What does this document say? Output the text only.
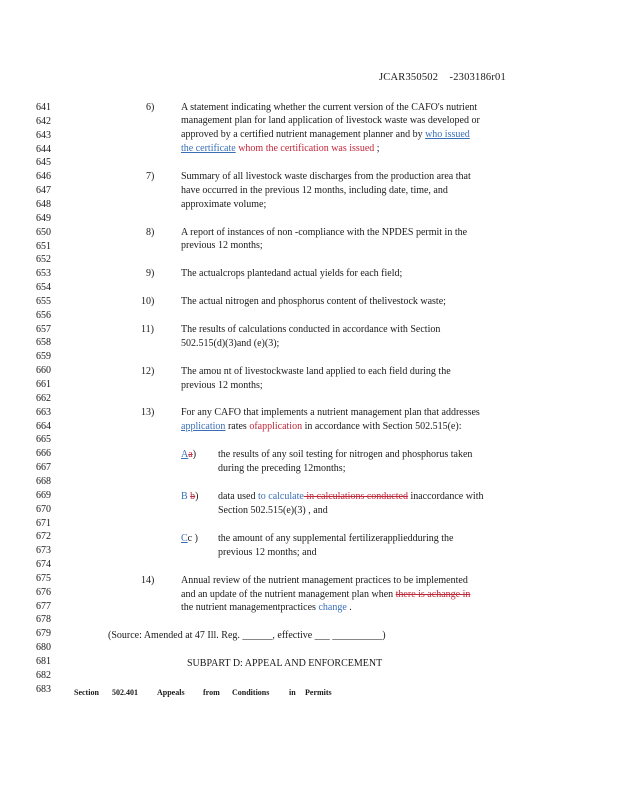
JCAR350502 -2303186r01
641
642
643
644
645
646
647
648
649
650
651
652
653
654
655
656
657
658
659
660
661
662
663
664
665
666
667
668
669
670
671
672
673
674
675
676
677
678
679
680
681
682
683
6)	A statement indicating whether the current version of the CAFO's nutrient
management plan for land application of livestock waste was developed or
approved by a certified nutrient management planner and by who issued
the certificate whom the certification was issued ;
7)	Summary of all livestock waste discharges from the production area that
have occurred in the previous 12 months, including date, time, and
approximate volume;
8)	A report of instances of non -compliance with the NPDES permit in the
previous 12 months;
9)	The actualcrops plantedand actual yields for each field;
10)	The actual nitrogen and phosphorus content of thelivestock waste;
11)	The results of calculations conducted in accordance with Section
502.515(d)(3)and (e)(3);
12)	The amou nt of livestockwaste land applied to each field during the
previous 12 months;
13)	For any CAFO that implements a nutrient management plan that addresses
application rates ofapplication in accordance with Section 502.515(e):
Aa) the results of any soil testing for nitrogen and phosphorus taken
during the preceding 12months;
B b) data used to calculate in calculations conducted inaccordance with
Section 502.515(e)(3) , and
Cc ) the amount of any supplemental fertilizerappliedduring the
previous 12 months; and
14)	Annual review of the nutrient management practices to be implemented
and an update of the nutrient management plan when there is achange in
the nutrient managementpractices change .
(Source: Amended at 47 Ill. Reg. ______, effective ___ __________)
SUBPART D: APPEAL AND ENFORCEMENT
Section 502.401 Appeals from Conditions in Permits
